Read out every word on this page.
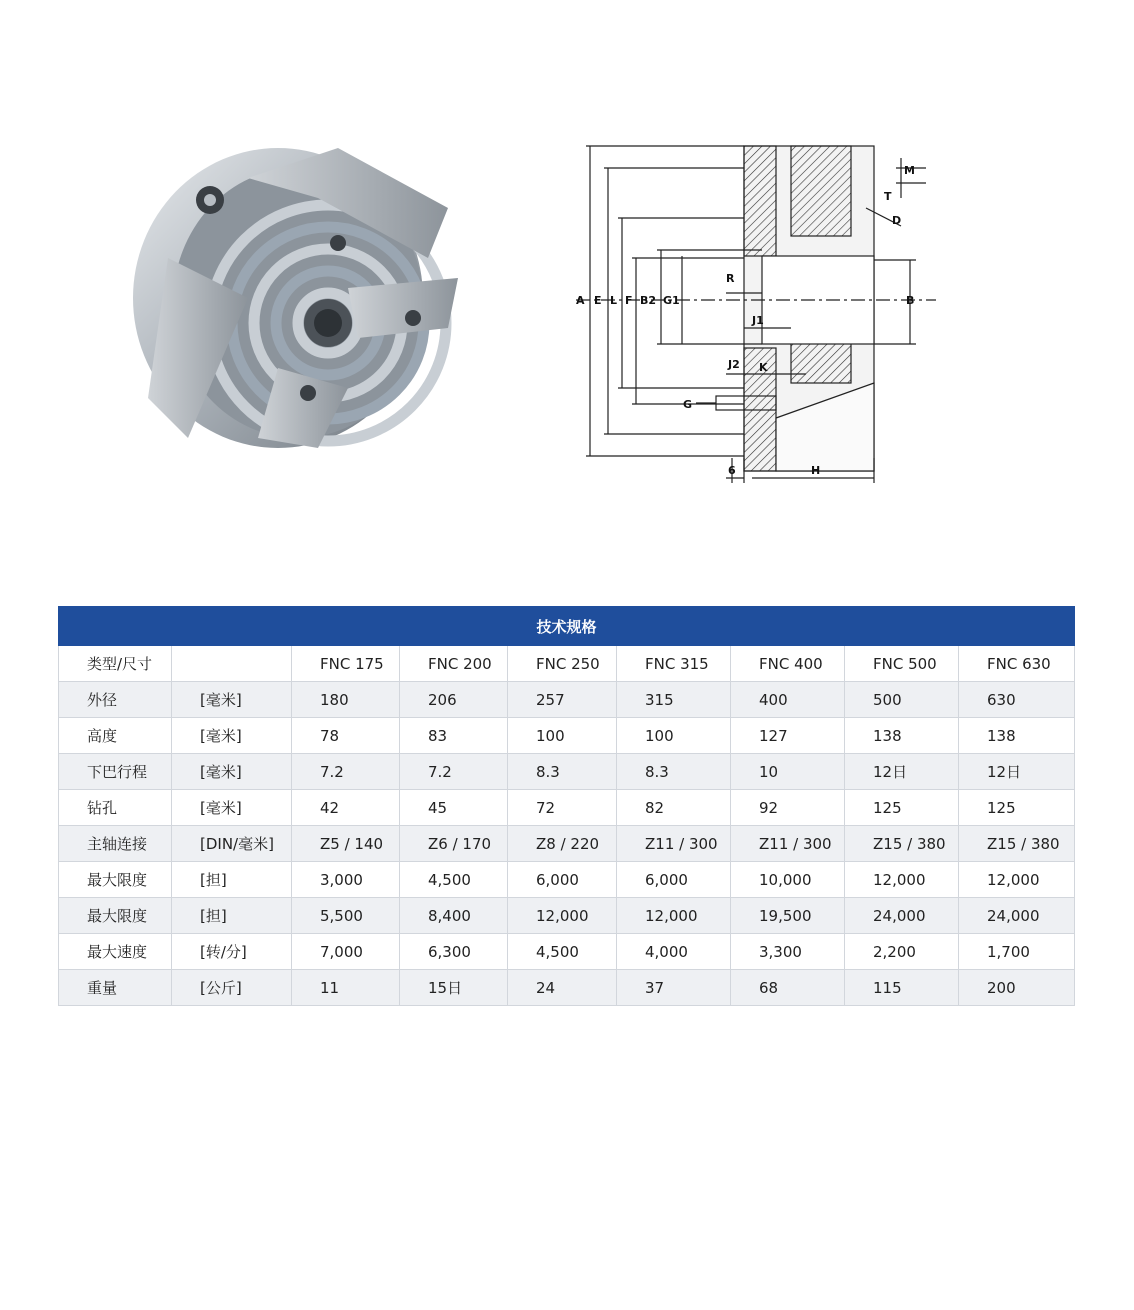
A E L F B2 G1
R
J1
J2 K
G
B
M
T
D
6	H
技术规格								
类型/尺寸		FNC 175	FNC 200	FNC 250	FNC 315	FNC 400	FNC 500	FNC 630
外径	[毫米]	180	206	257	315	400	500	630
高度	[毫米]	78	83	100	100	127	138	138
下巴行程	[毫米]	7.2	7.2	8.3	8.3	10	12日	12日
钻孔	[毫米]	42	45	72	82	92	125	125
主轴连接	[DIN/毫米]	Z5 / 140	Z6 / 170	Z8 / 220	Z11 / 300	Z11 / 300	Z15 / 380	Z15 / 380
最大限度	[担]	3,000	4,500	6,000	6,000	10,000	12,000	12,000
最大限度	[担]	5,500	8,400	12,000	12,000	19,500	24,000	24,000
最大速度	[转/分]	7,000	6,300	4,500	4,000	3,300	2,200	1,700
重量	[公斤]	11	15日	24	37	68	115	200
